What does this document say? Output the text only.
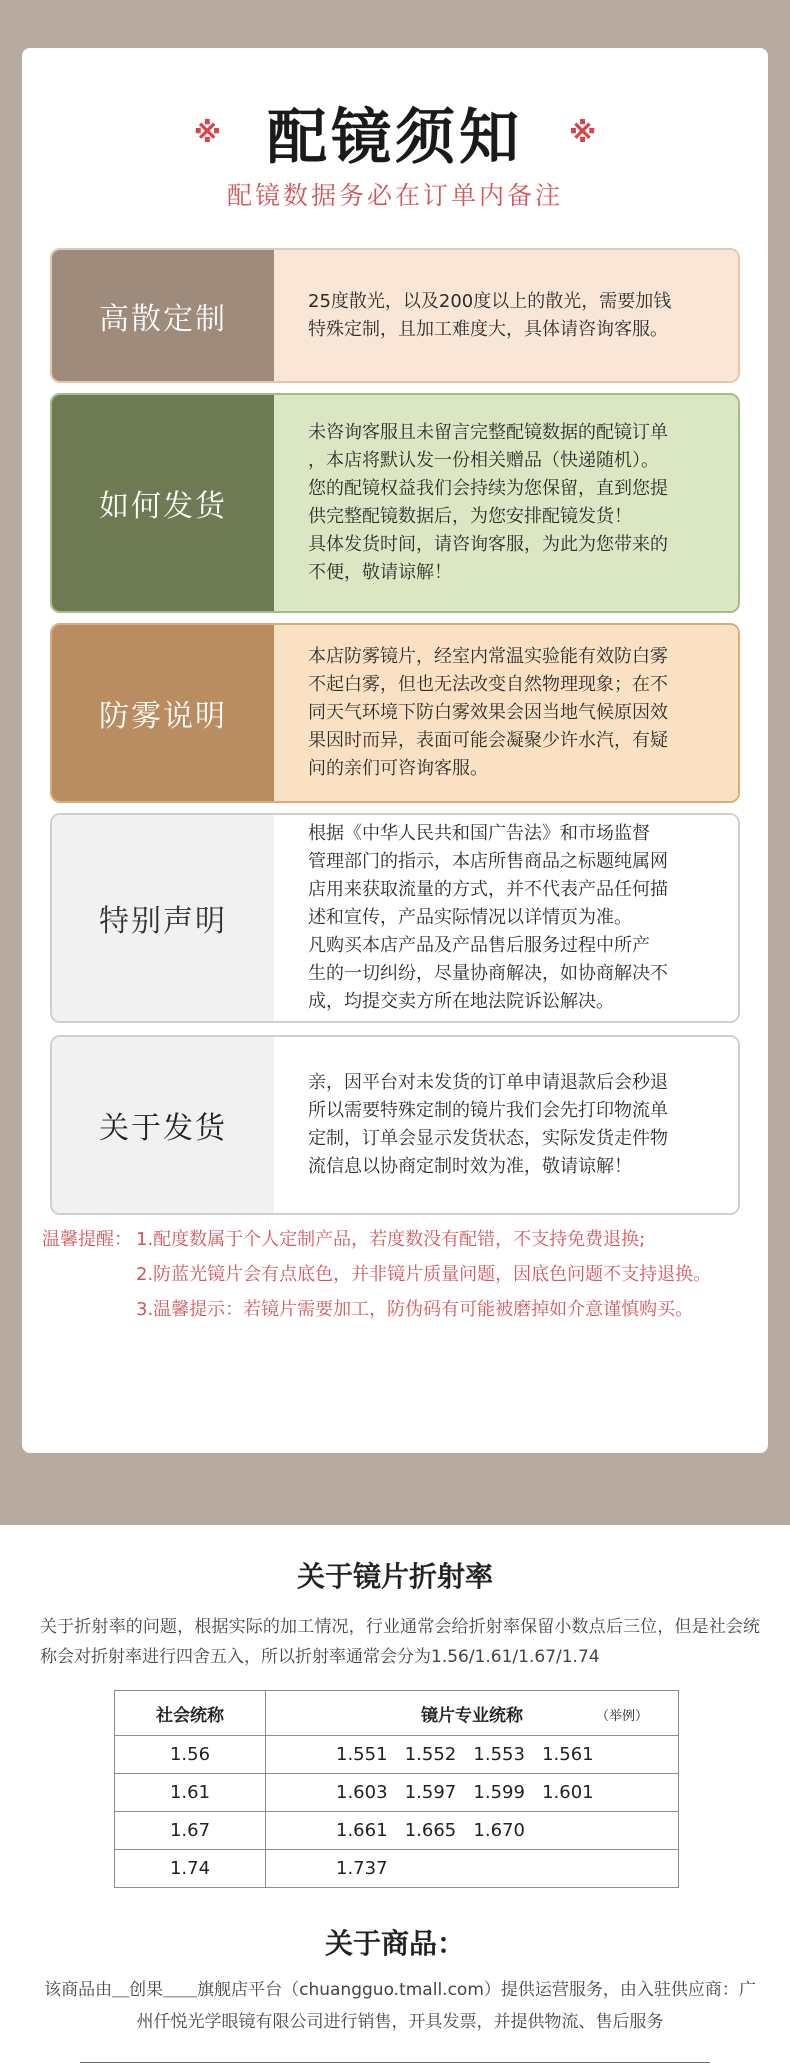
※ 配镜须知 ※
配镜数据务必在订单内备注
高散定制
25度散光，以及200度以上的散光，需要加钱
特殊定制，且加工难度大，具体请咨询客服。
如何发货
未咨询客服且未留言完整配镜数据的配镜订单
，本店将默认发一份相关赠品（快递随机）。
您的配镜权益我们会持续为您保留，直到您提
供完整配镜数据后，为您安排配镜发货！
具体发货时间，请咨询客服，为此为您带来的
不便，敬请谅解！
防雾说明
本店防雾镜片，经室内常温实验能有效防白雾
不起白雾，但也无法改变自然物理现象；在不
同天气环境下防白雾效果会因当地气候原因效
果因时而异，表面可能会凝聚少许水汽，有疑
问的亲们可咨询客服。
特别声明
根据《中华人民共和国广告法》和市场监督
管理部门的指示，本店所售商品之标题纯属网
店用来获取流量的方式，并不代表产品任何描
述和宣传，产品实际情况以详情页为准。
凡购买本店产品及产品售后服务过程中所产
生的一切纠纷，尽量协商解决，如协商解决不
成，均提交卖方所在地法院诉讼解决。
关于发货
亲，因平台对未发货的订单申请退款后会秒退
所以需要特殊定制的镜片我们会先打印物流单
定制，订单会显示发货状态，实际发货走件物
流信息以协商定制时效为准，敬请谅解！
温馨提醒： 1.配度数属于个人定制产品，若度数没有配错，不支持免费退换;
2.防蓝光镜片会有点底色，并非镜片质量问题，因底色问题不支持退换。
3.温馨提示：若镜片需要加工，防伪码有可能被磨掉如介意谨慎购买。
关于镜片折射率
关于折射率的问题，根据实际的加工情况，行业通常会给折射率保留小数点后三位，但是社会统称会对折射率进行四舍五入，所以折射率通常会分为1.56/1.61/1.67/1.74
社会统称	镜片专业统称 （举例）

1.56	1.551   1.552   1.553   1.561
1.61	1.603   1.597   1.599   1.601
1.67	1.661   1.665   1.670
1.74	1.737
关于商品：
该商品由＿创果＿＿旗舰店平台（chuangguo.tmall.com）提供运营服务，由入驻供应商：广州仟悦光学眼镜有限公司进行销售，开具发票，并提供物流、售后服务
